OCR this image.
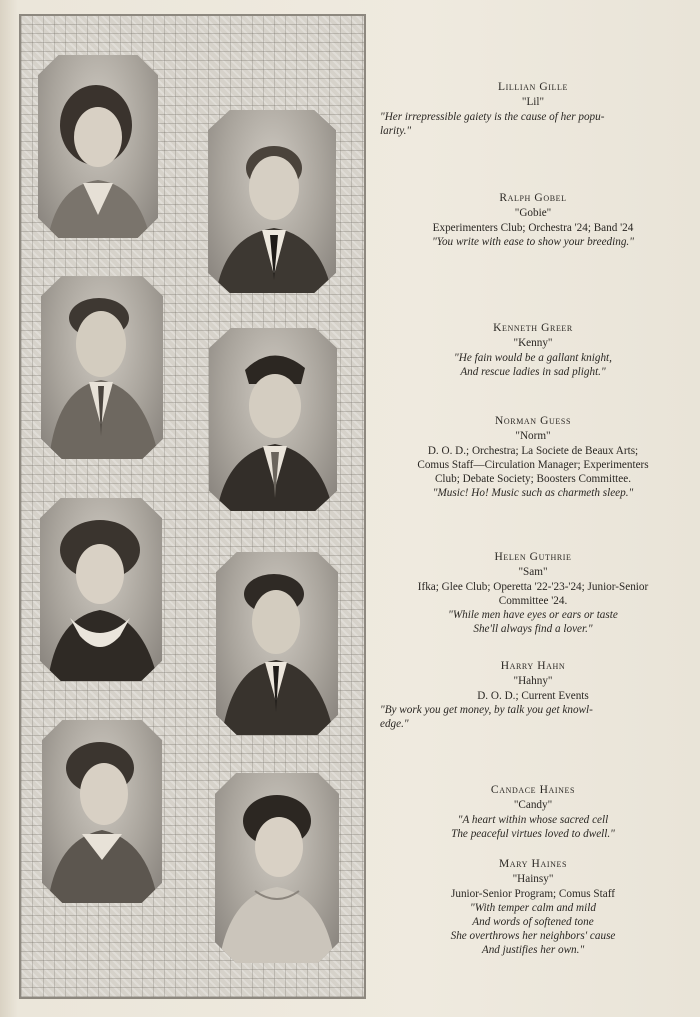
Lillian Gille
"Lil"
"Her irrepressible gaiety is the cause of her popu-
larity."
Ralph Gobel
"Gobie"
Experimenters Club; Orchestra '24; Band '24
"You write with ease to show your breeding."
Kenneth Greer
"Kenny"
"He fain would be a gallant knight,
And rescue ladies in sad plight."
Norman Guess
"Norm"
D. O. D.; Orchestra; La Societe de Beaux Arts;
Comus Staff—Circulation Manager; Experimenters
Club; Debate Society; Boosters Committee.
"Music! Ho! Music such as charmeth sleep."
Helen Guthrie
"Sam"
Ifka; Glee Club; Operetta '22-'23-'24; Junior-Senior
Committee '24.
"While men have eyes or ears or taste
She'll always find a lover."
Harry Hahn
"Hahny"
D. O. D.; Current Events
"By work you get money, by talk you get knowl-
edge."
Candace Haines
"Candy"
"A heart within whose sacred cell
The peaceful virtues loved to dwell."
Mary Haines
"Hainsy"
Junior-Senior Program; Comus Staff
"With temper calm and mild
And words of softened tone
She overthrows her neighbors' cause
And justifies her own."
